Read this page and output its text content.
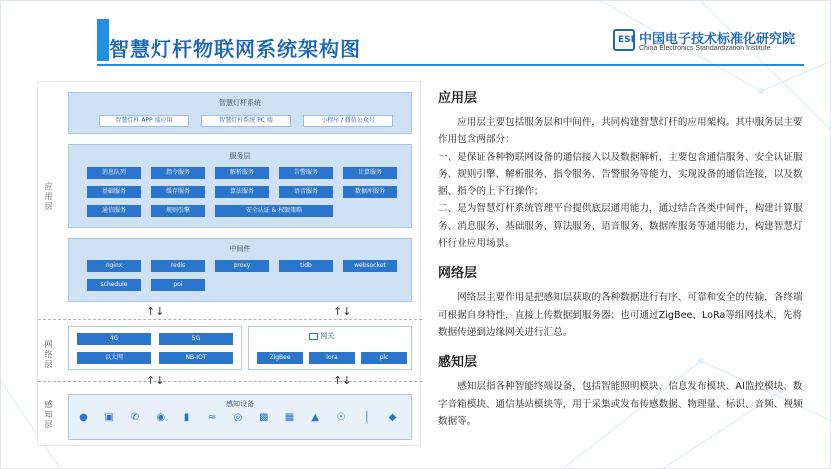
智慧灯杆物联网系统架构图	ESI 中国电子技术标准化研究院
China Electronics Standardization Institute
应用层
网络层
感知层
智慧灯杆系统
智慧灯杆 APP 端应用	智慧灯杆系统 PC 端	小程序 / 微信公众号
服务层
消息队列	指令服务	解析服务	告警服务	计算服务
基础服务	缓存服务	算法服务	语音服务	数据库服务
通信服务	规则引擎	安全认证 & 权限策略
中间件
nginx	redis	proxy	tidb	websocket
schedule	poi
↑↓	↑↓
4G	5G
以太网	NB-IOT
网关
ZigBee	lora	plc
↑↓	↑↓
感知设备
● ▣ ✆ ◉	▮	≈ ◎ ▩ ▦ ▲ ☉	│	◆
应用层
应用层主要包括服务层和中间件，共同构建智慧灯杆的应用架构。其中服务层主要作用包含两部分：
一、是保证各种物联网设备的通信接入以及数据解析，主要包含通信服务、安全认证服务、规则引擎、解析服务、指令服务、告警服务等能力，实现设备的通信连接，以及数据、指令的上下行操作；
二、是为智慧灯杆系统管理平台提供底层通用能力，通过结合各类中间件，构建计算服务、消息服务、基础服务、算法服务、语音服务、数据库服务等通用能力，构建智慧灯杆行业应用场景。
网络层
网络层主要作用是把感知层获取的各种数据进行有序、可靠和安全的传输，各终端可根据自身特性，直接上传数据到服务器；也可通过ZigBee、LoRa等组网技术，先将数据传递到边缘网关进行汇总。
感知层
感知层指各种智能终端设备，包括智能照明模块、信息发布模块、AI监控模块、数字音箱模块、通信基站模块等，用于采集或发布传感数据、物理量、标识、音频、视频数据等。
